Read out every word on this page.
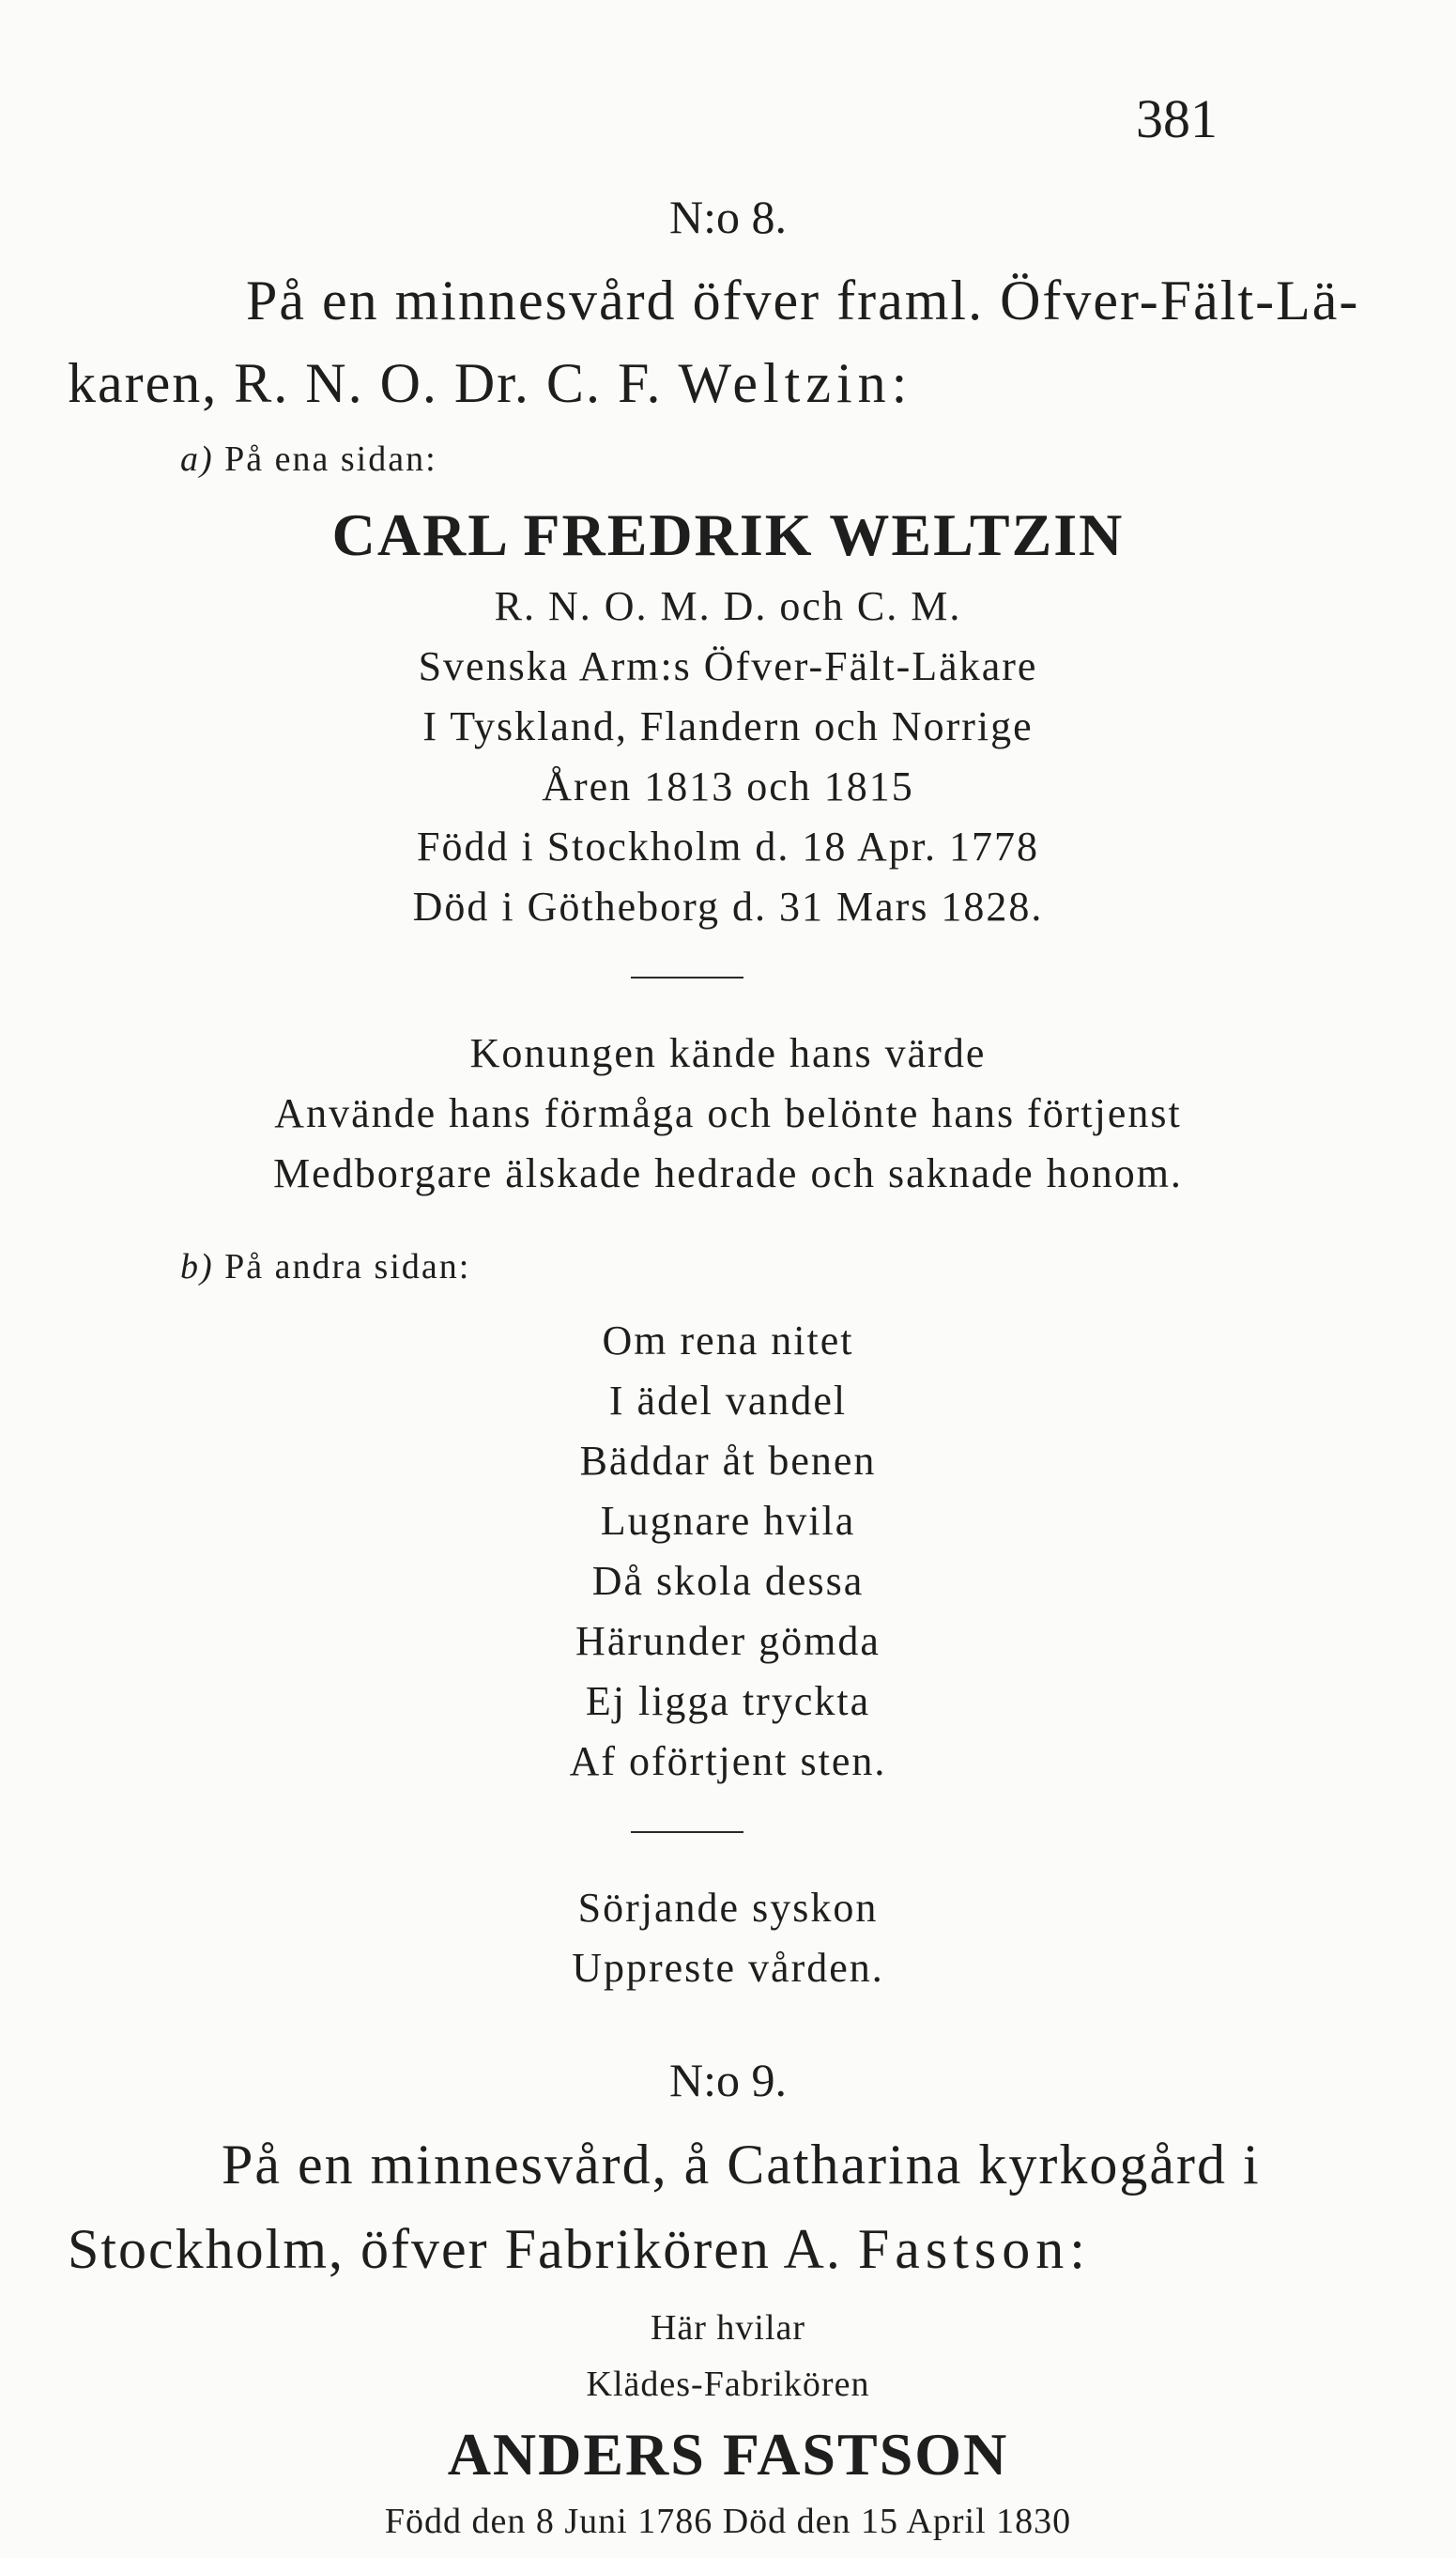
381
N:o 8.
På en minnesvård öfver framl. Öfver-Fält-Lä-
karen, R. N. O. Dr. C. F. Weltzin:
a) På ena sidan:
CARL FREDRIK WELTZIN
R. N. O. M. D. och C. M.
Svenska Arm:s Öfver-Fält-Läkare
I Tyskland, Flandern och Norrige
Åren 1813 och 1815
Född i Stockholm d. 18 Apr. 1778
Död i Götheborg d. 31 Mars 1828.
Konungen kände hans värde
Använde hans förmåga och belönte hans förtjenst
Medborgare älskade hedrade och saknade honom.
b) På andra sidan:
Om rena nitet
I ädel vandel
Bäddar åt benen
Lugnare hvila
Då skola dessa
Härunder gömda
Ej ligga tryckta
Af oförtjent sten.
Sörjande syskon
Uppreste vården.
N:o 9.
På en minnesvård, å Catharina kyrkogård i
Stockholm, öfver Fabrikören A. Fastson:
Här hvilar
Klädes-Fabrikören
ANDERS FASTSON
Född den 8 Juni 1786 Död den 15 April 1830
